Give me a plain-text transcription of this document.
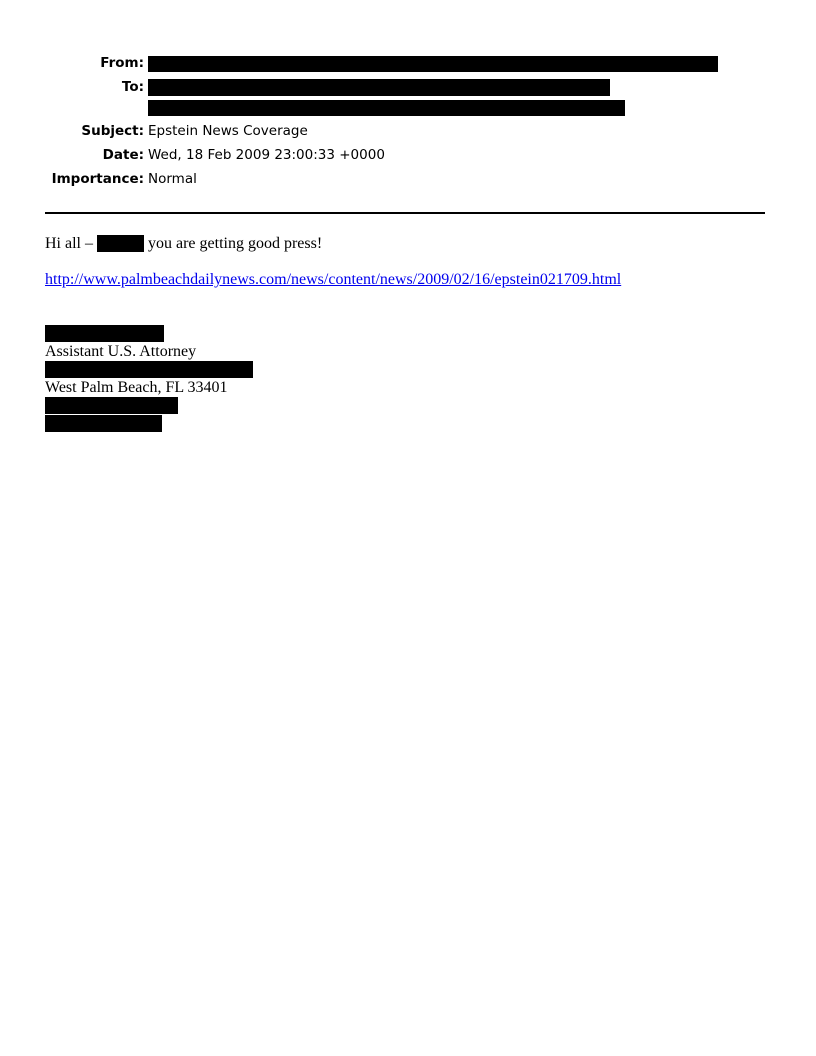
From:
To:
Subject: Epstein News Coverage
Date: Wed, 18 Feb 2009 23:00:33 +0000
Importance: Normal
Hi all –	you are getting good press!
http://www.palmbeachdailynews.com/news/content/news/2009/02/16/epstein021709.html
Assistant U.S. Attorney
West Palm Beach, FL 33401
